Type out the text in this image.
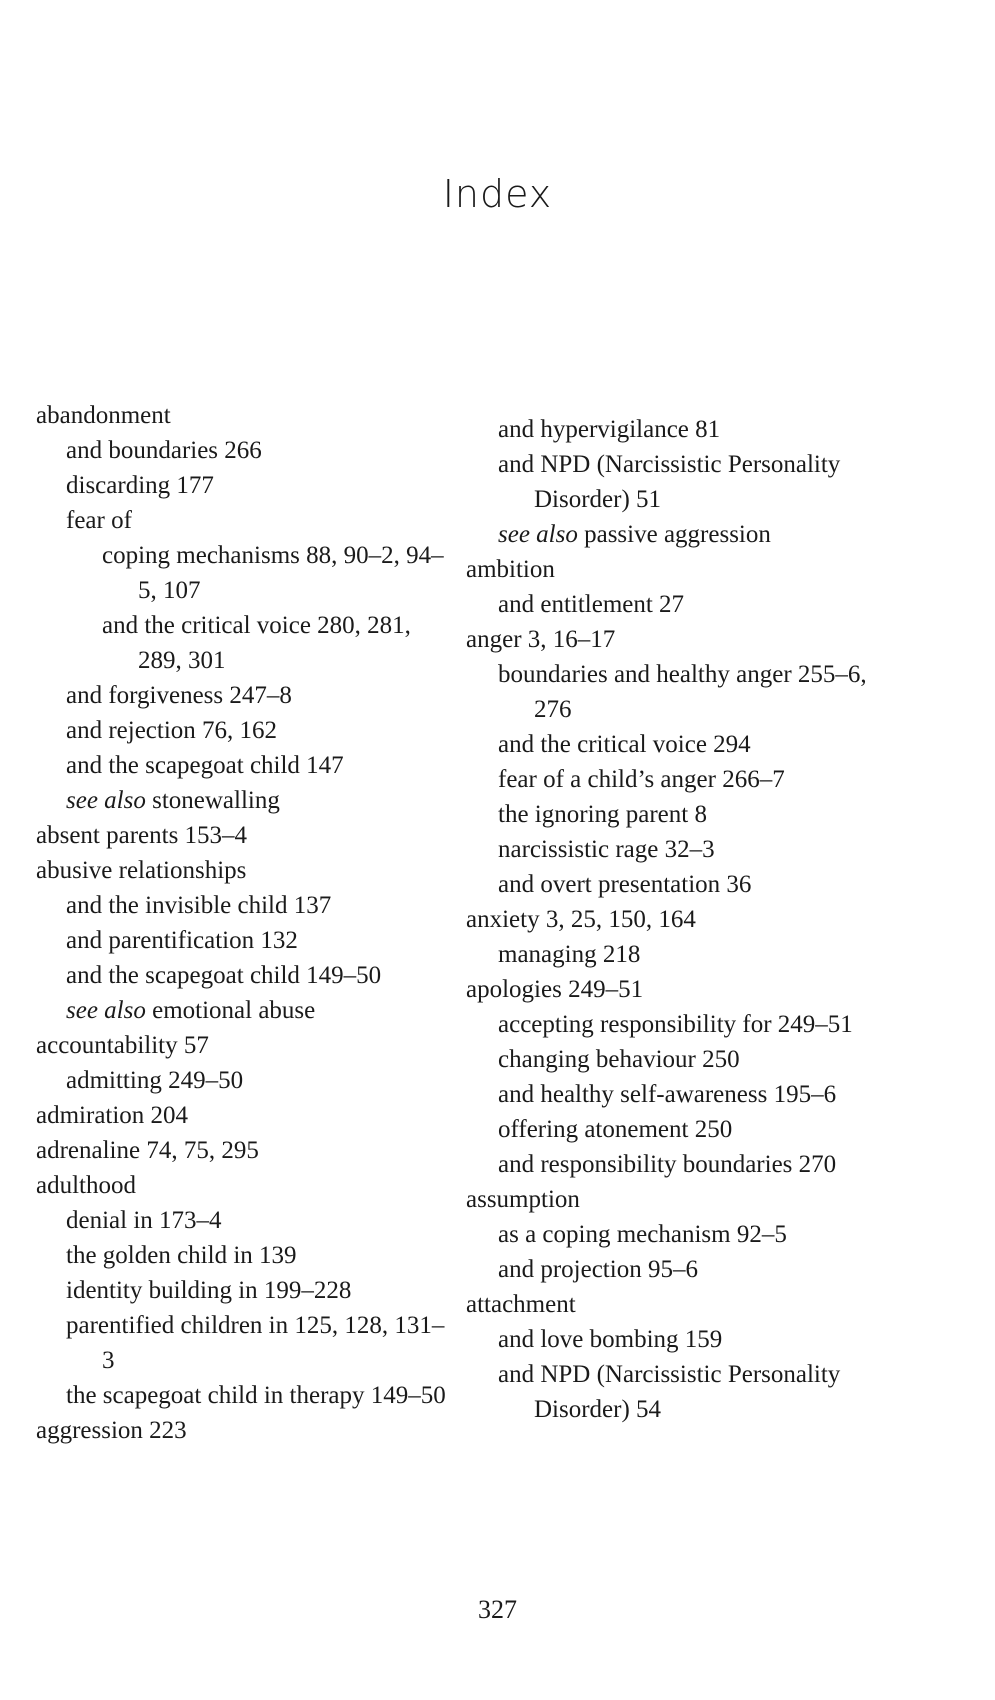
Index
abandonment
and boundaries 266
discarding 177
fear of
coping mechanisms 88, 90–2, 94–5, 107
and the critical voice 280, 281, 289, 301
and forgiveness 247–8
and rejection 76, 162
and the scapegoat child 147
see also stonewalling
absent parents 153–4
abusive relationships
and the invisible child 137
and parentification 132
and the scapegoat child 149–50
see also emotional abuse
accountability 57
admitting 249–50
admiration 204
adrenaline 74, 75, 295
adulthood
denial in 173–4
the golden child in 139
identity building in 199–228
parentified children in 125, 128, 131–3
the scapegoat child in therapy 149–50
aggression 223
and hypervigilance 81
and NPD (Narcissistic Personality Disorder) 51
see also passive aggression
ambition
and entitlement 27
anger 3, 16–17
boundaries and healthy anger 255–6, 276
and the critical voice 294
fear of a child’s anger 266–7
the ignoring parent 8
narcissistic rage 32–3
and overt presentation 36
anxiety 3, 25, 150, 164
managing 218
apologies 249–51
accepting responsibility for 249–51
changing behaviour 250
and healthy self-awareness 195–6
offering atonement 250
and responsibility boundaries 270
assumption
as a coping mechanism 92–5
and projection 95–6
attachment
and love bombing 159
and NPD (Narcissistic Personality Disorder) 54
327
